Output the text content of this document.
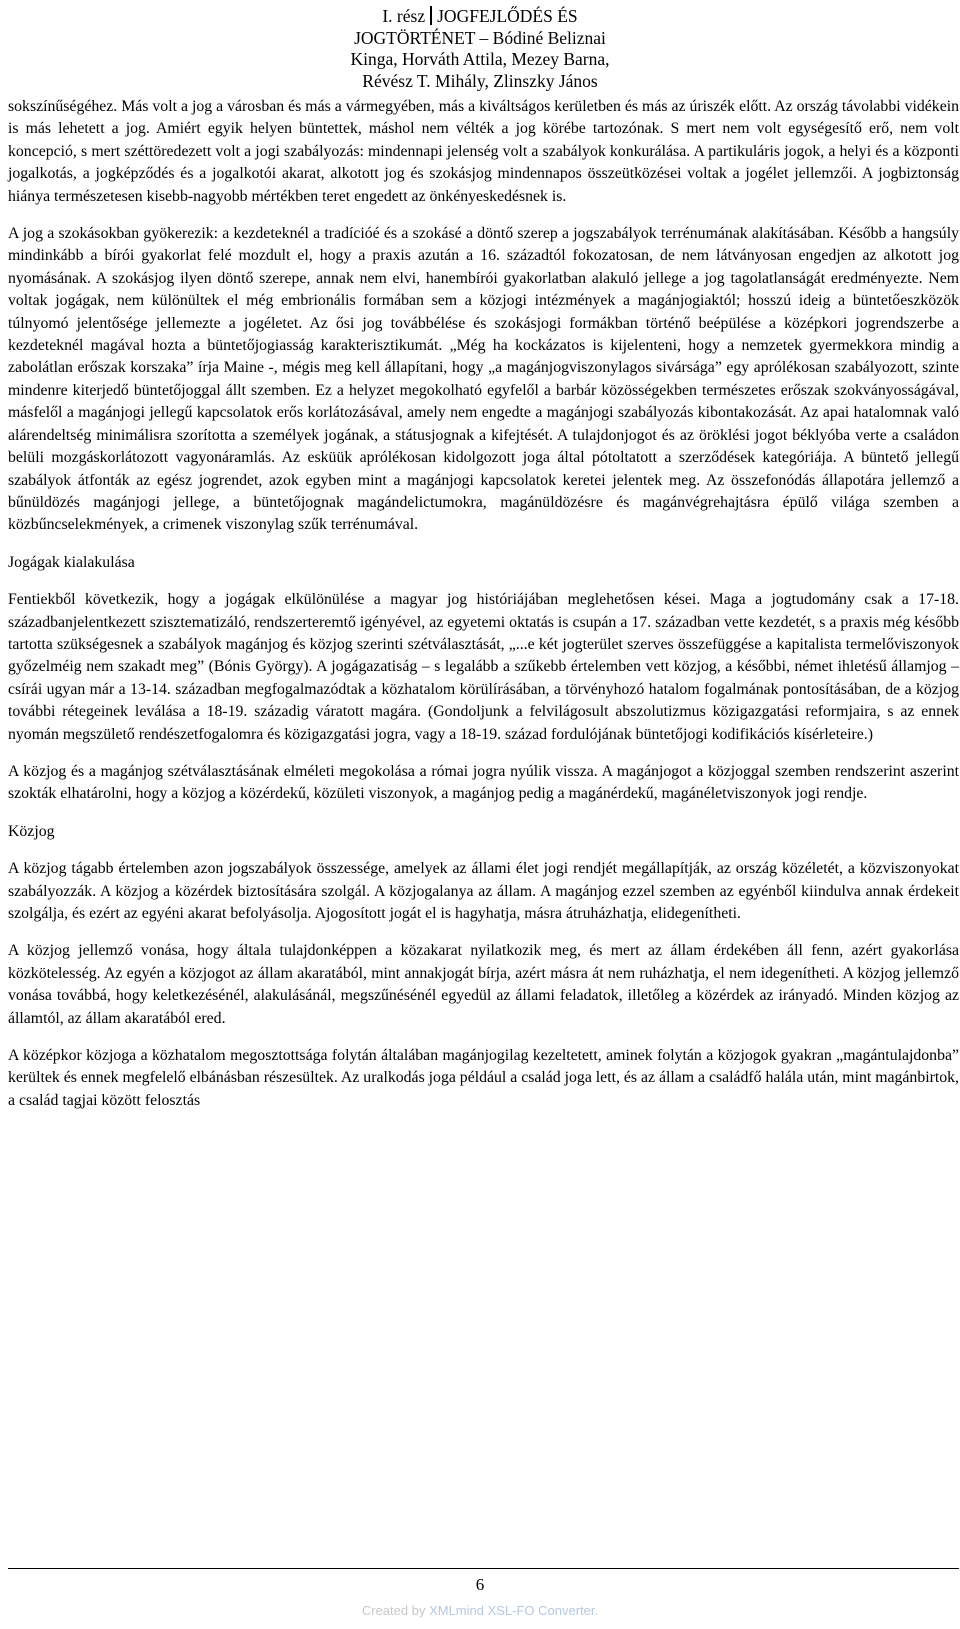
I. rész JOGFEJLŐDÉS ÉS
JOGTÖRTÉNET – Bódiné Beliznai
Kinga, Horváth Attila, Mezey Barna,
Révész T. Mihály, Zlinszky János

sokszínűségéhez. Más volt a jog a városban és más a vármegyében, más a kiváltságos kerületben és más az úriszék előtt. Az ország távolabbi vidékein is más lehetett a jog. Amiért egyik helyen büntettek, máshol nem vélték a jog körébe tartozónak. S mert nem volt egységesítő erő, nem volt koncepció, s mert széttöredezett volt a jogi szabályozás: mindennapi jelenség volt a szabályok konkurálása. A partikuláris jogok, a helyi és a központi jogalkotás, a jogképződés és a jogalkotói akarat, alkotott jog és szokásjog mindennapos összeütközései voltak a jogélet jellemzői. A jogbiztonság hiánya természetesen kisebb-nagyobb mértékben teret engedett az önkényeskedésnek is.

A jog a szokásokban gyökerezik: a kezdeteknél a tradícióé és a szokásé a döntő szerep a jogszabályok terrénumának alakításában. Később a hangsúly mindinkább a bírói gyakorlat felé mozdult el, hogy a praxis azután a 16. századtól fokozatosan, de nem látványosan engedjen az alkotott jog nyomásának. A szokásjog ilyen döntő szerepe, annak nem elvi, hanembírói gyakorlatban alakuló jellege a jog tagolatlanságát eredményezte. Nem voltak jogágak, nem különültek el még embrionális formában sem a közjogi intézmények a magánjogiaktól; hosszú ideig a büntetőeszközök túlnyomó jelentősége jellemezte a jogéletet. Az ősi jog továbbélése és szokásjogi formákban történő beépülése a középkori jogrendszerbe a kezdeteknél magával hozta a büntetőjogiasság karakterisztikumát. „Még ha kockázatos is kijelenteni, hogy a nemzetek gyermekkora mindig a zabolátlan erőszak korszaka” írja Maine -, mégis meg kell állapítani, hogy „a magánjogviszonylagos sivársága” egy aprólékosan szabályozott, szinte mindenre kiterjedő büntetőjoggal állt szemben. Ez a helyzet megokolható egyfelől a barbár közösségekben természetes erőszak szokványosságával, másfelől a magánjogi jellegű kapcsolatok erős korlátozásával, amely nem engedte a magánjogi szabályozás kibontakozását. Az apai hatalomnak való alárendeltség minimálisra szorította a személyek jogának, a státusjognak a kifejtését. A tulajdonjogot és az öröklési jogot béklyóba verte a családon belüli mozgáskorlátozott vagyonáramlás. Az esküük aprólékosan kidolgozott joga által pótoltatott a szerződések kategóriája. A büntető jellegű szabályok átfonták az egész jogrendet, azok egyben mint a magánjogi kapcsolatok keretei jelentek meg. Az összefonódás állapotára jellemző a bűnüldözés magánjogi jellege, a büntetőjognak magándelictumokra, magánüldözésre és magánvégrehajtásra épülő világa szemben a közbűncselekmények, a crimenek viszonylag szűk terrénumával.

Jogágak kialakulása

Fentiekből következik, hogy a jogágak elkülönülése a magyar jog históriájában meglehetősen kései. Maga a jogtudomány csak a 17-18. századbanjelentkezett szisztematizáló, rendszerteremtő igényével, az egyetemi oktatás is csupán a 17. században vette kezdetét, s a praxis még később tartotta szükségesnek a szabályok magánjog és közjog szerinti szétválasztását, „...e két jogterület szerves összefüggése a kapitalista termelőviszonyok győzelméig nem szakadt meg” (Bónis György). A jogágazatiság – s legalább a szűkebb értelemben vett közjog, a későbbi, német ihletésű államjog – csírái ugyan már a 13-14. században megfogalmazódtak a közhatalom körülírásában, a törvényhozó hatalom fogalmának pontosításában, de a közjog további rétegeinek leválása a 18-19. századig váratott magára. (Gondoljunk a felvilágosult abszolutizmus közigazgatási reformjaira, s az ennek nyomán megszülető rendészetfogalomra és közigazgatási jogra, vagy a 18-19. század fordulójának büntetőjogi kodifikációs kísérleteire.)

A közjog és a magánjog szétválasztásának elméleti megokolása a római jogra nyúlik vissza. A magánjogot a közjoggal szemben rendszerint aszerint szokták elhatárolni, hogy a közjog a közérdekű, közületi viszonyok, a magánjog pedig a magánérdekű, magánéletviszonyok jogi rendje.

Közjog

A közjog tágabb értelemben azon jogszabályok összessége, amelyek az állami élet jogi rendjét megállapítják, az ország közéletét, a közviszonyokat szabályozzák. A közjog a közérdek biztosítására szolgál. A közjogalanya az állam. A magánjog ezzel szemben az egyénből kiindulva annak érdekeit szolgálja, és ezért az egyéni akarat befolyásolja. Ajogosított jogát el is hagyhatja, másra átruházhatja, elidegenítheti.

A közjog jellemző vonása, hogy általa tulajdonképpen a közakarat nyilatkozik meg, és mert az állam érdekében áll fenn, azért gyakorlása közkötelesség. Az egyén a közjogot az állam akaratából, mint annakjogát bírja, azért másra át nem ruházhatja, el nem idegenítheti. A közjog jellemző vonása továbbá, hogy keletkezésénél, alakulásánál, megszűnésénél egyedül az állami feladatok, illetőleg a közérdek az irányadó. Minden közjog az államtól, az állam akaratából ered.

A középkor közjoga a közhatalom megosztottsága folytán általában magánjogilag kezeltetett, aminek folytán a közjogok gyakran „magántulajdonba” kerültek és ennek megfelelő elbánásban részesültek. Az uralkodás joga például a család joga lett, és az állam a családfő halála után, mint magánbirtok, a család tagjai között felosztás

6
Created by XMLmind XSL-FO Converter.
